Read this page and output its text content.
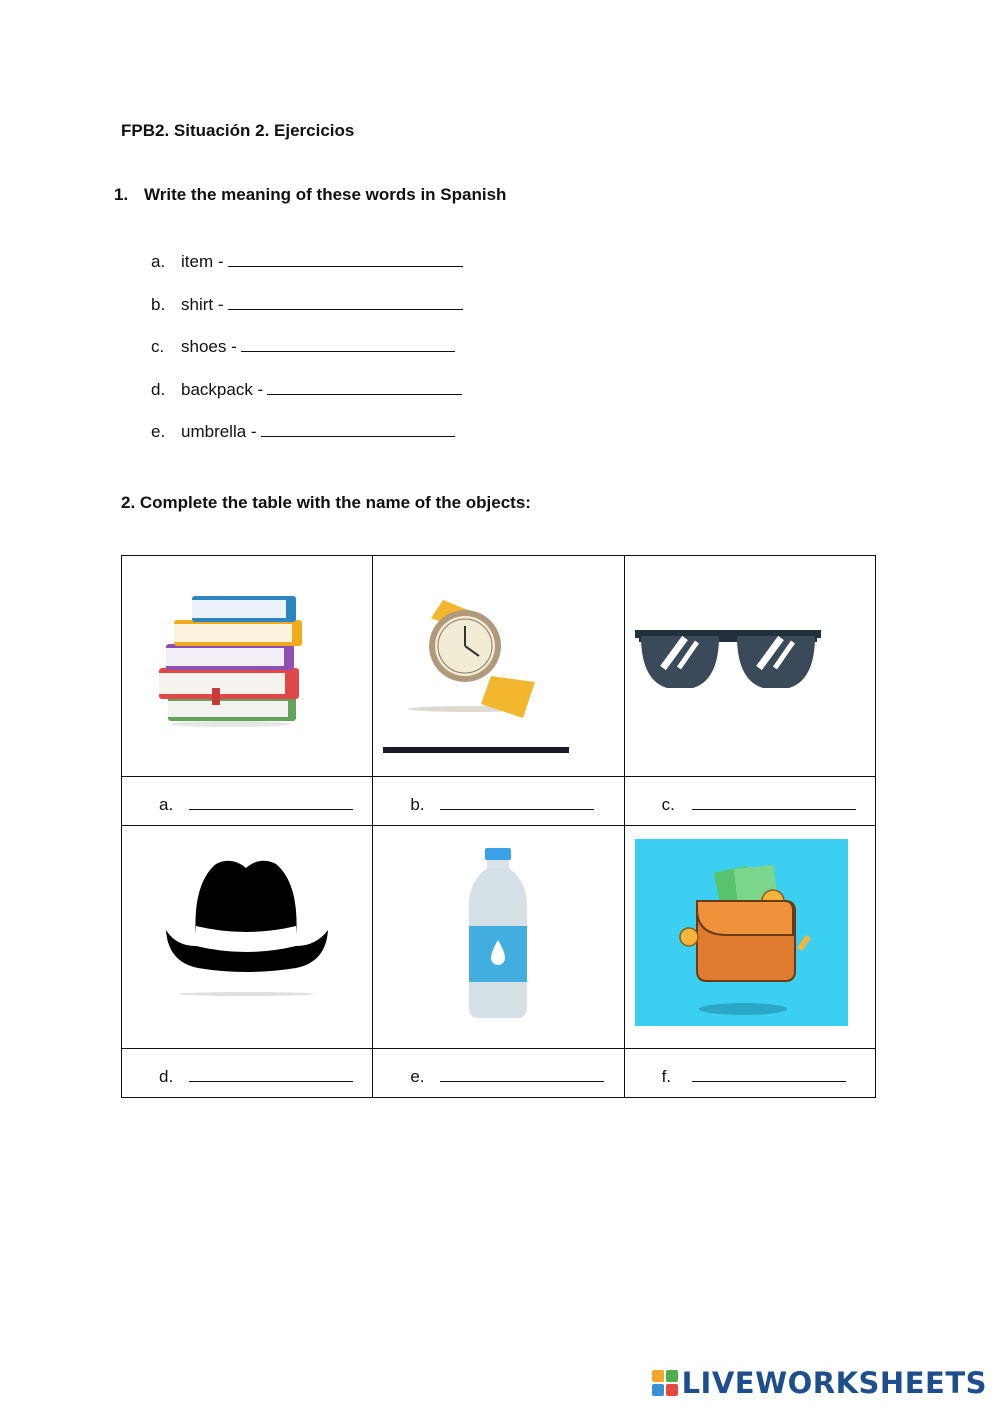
FPB2. Situación 2. Ejercicios
1. Write the meaning of these words in Spanish
a. item -
b. shirt -
c. shoes -
d. backpack -
e. umbrella -
2. Complete the table with the name of the objects:

a.	b.	c.

d.	e.	f.
LIVEWORKSHEETS
